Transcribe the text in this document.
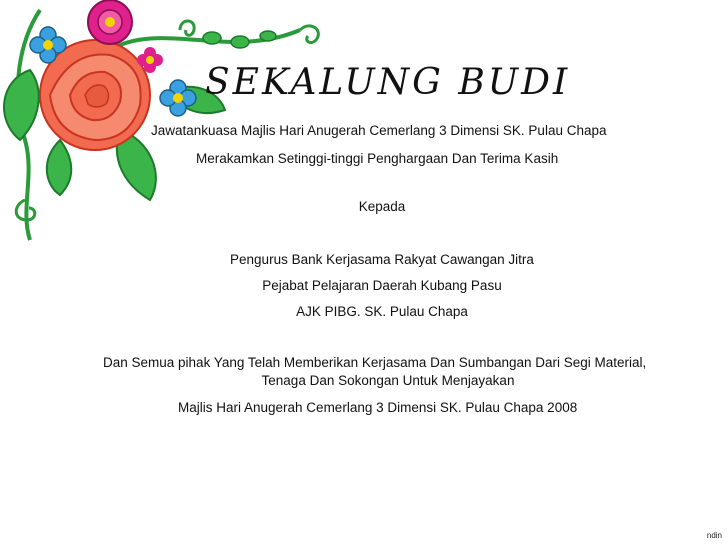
SEKALUNG BUDI
Jawatankuasa Majlis Hari Anugerah Cemerlang 3 Dimensi SK. Pulau Chapa
Merakamkan Setinggi-tinggi Penghargaan Dan Terima Kasih
Kepada
Pengurus Bank Kerjasama Rakyat Cawangan Jitra
Pejabat Pelajaran Daerah Kubang Pasu
AJK PIBG. SK. Pulau Chapa
Dan Semua pihak Yang Telah Memberikan Kerjasama Dan Sumbangan Dari Segi Material,
Tenaga Dan Sokongan Untuk Menjayakan
Majlis Hari Anugerah Cemerlang 3 Dimensi SK. Pulau Chapa 2008
ndin
